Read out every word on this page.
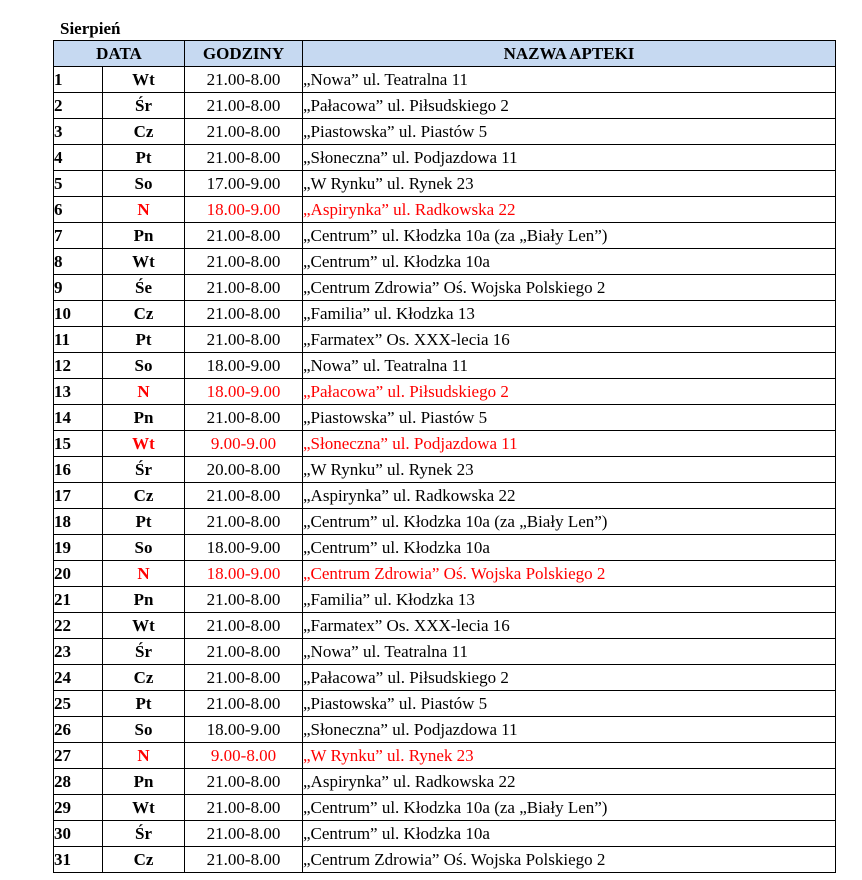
Sierpień
DATA		GODZINY	NAZWA APTEKI
1	Wt	21.00-8.00	„Nowa” ul. Teatralna 11
2	Śr	21.00-8.00	„Pałacowa” ul. Piłsudskiego 2
3	Cz	21.00-8.00	„Piastowska” ul. Piastów 5
4	Pt	21.00-8.00	„Słoneczna” ul. Podjazdowa 11
5	So	17.00-9.00	„W Rynku” ul. Rynek 23
6	N	18.00-9.00	„Aspirynka” ul. Radkowska 22
7	Pn	21.00-8.00	„Centrum” ul. Kłodzka 10a (za „Biały Len”)
8	Wt	21.00-8.00	„Centrum” ul. Kłodzka 10a
9	Śe	21.00-8.00	„Centrum Zdrowia” Oś. Wojska Polskiego 2
10	Cz	21.00-8.00	„Familia” ul. Kłodzka 13
11	Pt	21.00-8.00	„Farmatex” Os. XXX-lecia 16
12	So	18.00-9.00	„Nowa” ul. Teatralna 11
13	N	18.00-9.00	„Pałacowa” ul. Piłsudskiego 2
14	Pn	21.00-8.00	„Piastowska” ul. Piastów 5
15	Wt	9.00-9.00	„Słoneczna” ul. Podjazdowa 11
16	Śr	20.00-8.00	„W Rynku” ul. Rynek 23
17	Cz	21.00-8.00	„Aspirynka” ul. Radkowska 22
18	Pt	21.00-8.00	„Centrum” ul. Kłodzka 10a (za „Biały Len”)
19	So	18.00-9.00	„Centrum” ul. Kłodzka 10a
20	N	18.00-9.00	„Centrum Zdrowia” Oś. Wojska Polskiego 2
21	Pn	21.00-8.00	„Familia” ul. Kłodzka 13
22	Wt	21.00-8.00	„Farmatex” Os. XXX-lecia 16
23	Śr	21.00-8.00	„Nowa” ul. Teatralna 11
24	Cz	21.00-8.00	„Pałacowa” ul. Piłsudskiego 2
25	Pt	21.00-8.00	„Piastowska” ul. Piastów 5
26	So	18.00-9.00	„Słoneczna” ul. Podjazdowa 11
27	N	9.00-8.00	„W Rynku” ul. Rynek 23
28	Pn	21.00-8.00	„Aspirynka” ul. Radkowska 22
29	Wt	21.00-8.00	„Centrum” ul. Kłodzka 10a (za „Biały Len”)
30	Śr	21.00-8.00	„Centrum” ul. Kłodzka 10a
31	Cz	21.00-8.00	„Centrum Zdrowia” Oś. Wojska Polskiego 2
